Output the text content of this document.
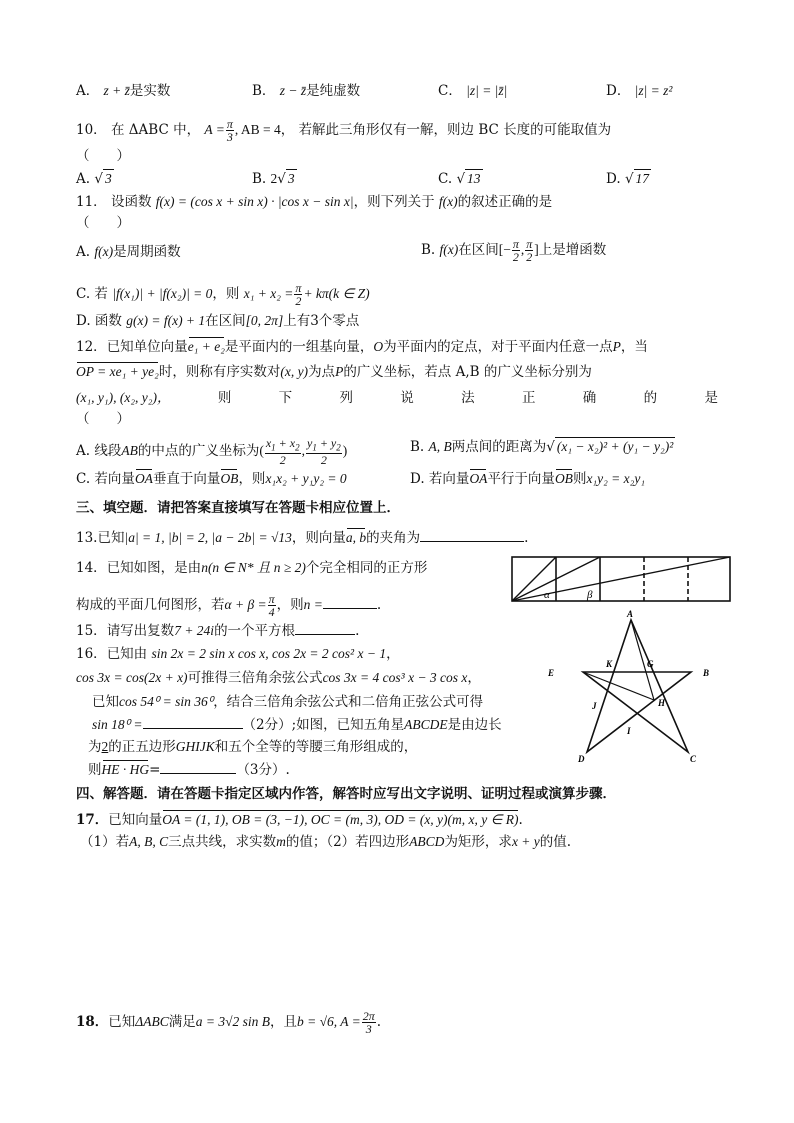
A． z + z̄是实数	B． z − z̄是纯虚数	C． |z| = |z̄|	D． |z| = z²
10． 在 ΔABC 中， $A = \frac{\pi}{3}$ , AB = 4， 若解此三角形仅有一解，则边 BC 长度的可能取值为
（　　）
A. √ 3	B. 2√ 3	C. √ 13	D. √ 17
11． 设函数 f(x) = (cos x + sin x) · |cos x − sin x|，则下列关于 f(x)的叙述正确的是
（　　）
A. f(x)是周期函数	B. f(x)在区间[− $\frac{\pi}{2}$ , $\frac{\pi}{2}$ ]上是增函数
C. 若 |f(x₁)| + |f(x₂)| = 0，则 $x_1 + x_2 = \frac{\pi}{2} + k\pi(k$ ∈ Z)
D. 函数 g(x) = f(x) + 1在区间[0, 2π]上有3个零点
12．已知单位向量e₁ + e₂是平面内的一组基向量，O为平面内的定点，对于平面内任意一点P，当
OP = xe₁ + ye₂时，则称有序实数对(x, y)为点P的广义坐标，若点 A,B 的广义坐标分别为
(x₁, y₁), (x₂, y₂)，	则	下	列	说	法	正	确	的	是
（　　）
A. 线段AB的中点的广义坐标为( $\frac{x_1 + x_2}{2}$ , $\frac{y_1 + y_2}{2}$ )	B. A, B两点间的距离为√ (x₁ − x₂)² + (y₁ − y₂)²
C. 若向量OA垂直于向量OB，则x₁x₂ + y₁y₂ = 0	D. 若向量OA平行于向量OB则x₁y₂ = x₂y₁
三、填空题．请把答案直接填写在答题卡相应位置上．
13.已知|a| = 1, |b| = 2, |a − 2b| = √13，则向量a, b的夹角为	.
14．已知如图，是由n(n ∈ N* 且 n ≥ 2)个完全相同的正方形
构成的平面几何图形，若$\alpha + \beta = \frac{\pi}{4}$ ，则n =	.
α	β
15．请写出复数7 + 24i的一个平方根	.
16．已知由 sin 2x = 2 sin x cos x, cos 2x = 2 cos² x − 1，
cos 3x = cos(2x + x)可推得三倍角余弦公式cos 3x = 4 cos³ x − 3 cos x，
已知cos 54⁰ = sin 36⁰，结合三倍角余弦公式和二倍角正弦公式可得
sin 18⁰ =	（2分）;如图，已知五角星ABCDE是由边长
为2的正五边形GHIJK和五个全等的等腰三角形组成的，
则HE · HG=	（3分）.
A
B
C
D
E
G
H
I
J
K
四、解答题．请在答题卡指定区域内作答，解答时应写出文字说明、证明过程或演算步骤．
17．已知向量OA = (1, 1), OB = (3, −1), OC = (m, 3), OD = (x, y)(m, x, y ∈ R).
（1）若A, B, C三点共线，求实数m的值；（2）若四边形ABCD为矩形，求x + y的值.
18．已知ΔABC满足a = 3√2 sin B，且b = √6, $A = \frac{2\pi}{3}$ .
